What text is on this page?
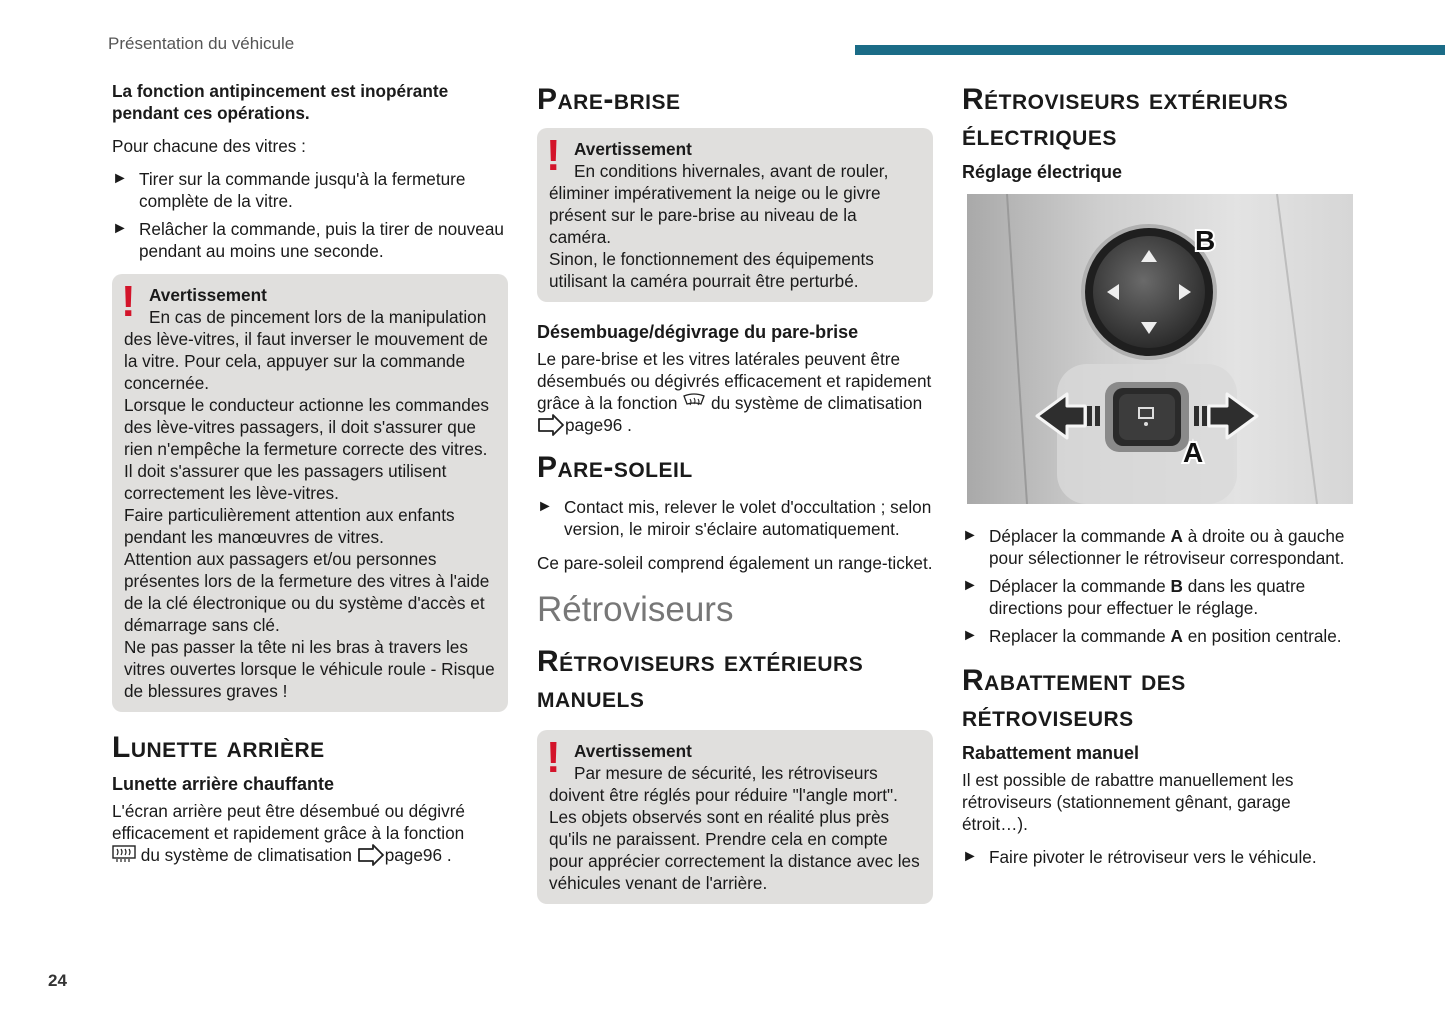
Présentation du véhicule
24

La fonction antipincement est inopérante pendant ces opérations.

Pour chacune des vitres :

► Tirer sur la commande jusqu'à la fermeture complète de la vitre.
► Relâcher la commande, puis la tirer de nouveau pendant au moins une seconde.
! Avertissement
En cas de pincement lors de la manipulation des lève-vitres, il faut inverser le mouvement de la vitre. Pour cela, appuyer sur la commande concernée.
Lorsque le conducteur actionne les commandes des lève-vitres passagers, il doit s'assurer que rien n'empêche la fermeture correcte des vitres.
Il doit s'assurer que les passagers utilisent correctement les lève-vitres.
Faire particulièrement attention aux enfants pendant les manœuvres de vitres.
Attention aux passagers et/ou personnes présentes lors de la fermeture des vitres à l'aide de la clé électronique ou du système d'accès et démarrage sans clé.
Ne pas passer la tête ni les bras à travers les vitres ouvertes lorsque le véhicule roule - Risque de blessures graves !
Lunette arrière
Lunette arrière chauffante

L'écran arrière peut être désembué ou dégivré efficacement et rapidement grâce à la fonction
du système de climatisation page96 .

Pare-brise
! Avertissement
En conditions hivernales, avant de rouler, éliminer impérativement la neige ou le givre présent sur le pare-brise au niveau de la caméra.
Sinon, le fonctionnement des équipements utilisant la caméra pourrait être perturbé.
Désembuage/dégivrage du pare-brise

Le pare-brise et les vitres latérales peuvent être désembués ou dégivrés efficacement et rapidement grâce à la fonction du système de climatisation page96 .

Pare-soleil
► Contact mis, relever le volet d'occultation ; selon version, le miroir s'éclaire automatiquement.

Ce pare-soleil comprend également un range-ticket.

Rétroviseurs
Rétroviseurs extérieurs manuels
! Avertissement
Par mesure de sécurité, les rétroviseurs doivent être réglés pour réduire "l'angle mort". Les objets observés sont en réalité plus près qu'ils ne paraissent. Prendre cela en compte pour apprécier correctement la distance avec les véhicules venant de l'arrière.
Rétroviseurs extérieurs électriques
Réglage électrique
B
A
► Déplacer la commande A à droite ou à gauche pour sélectionner le rétroviseur correspondant.
► Déplacer la commande B dans les quatre directions pour effectuer le réglage.
► Replacer la commande A en position centrale.
Rabattement des rétroviseurs
Rabattement manuel

Il est possible de rabattre manuellement les rétroviseurs (stationnement gênant, garage étroit…).

► Faire pivoter le rétroviseur vers le véhicule.
